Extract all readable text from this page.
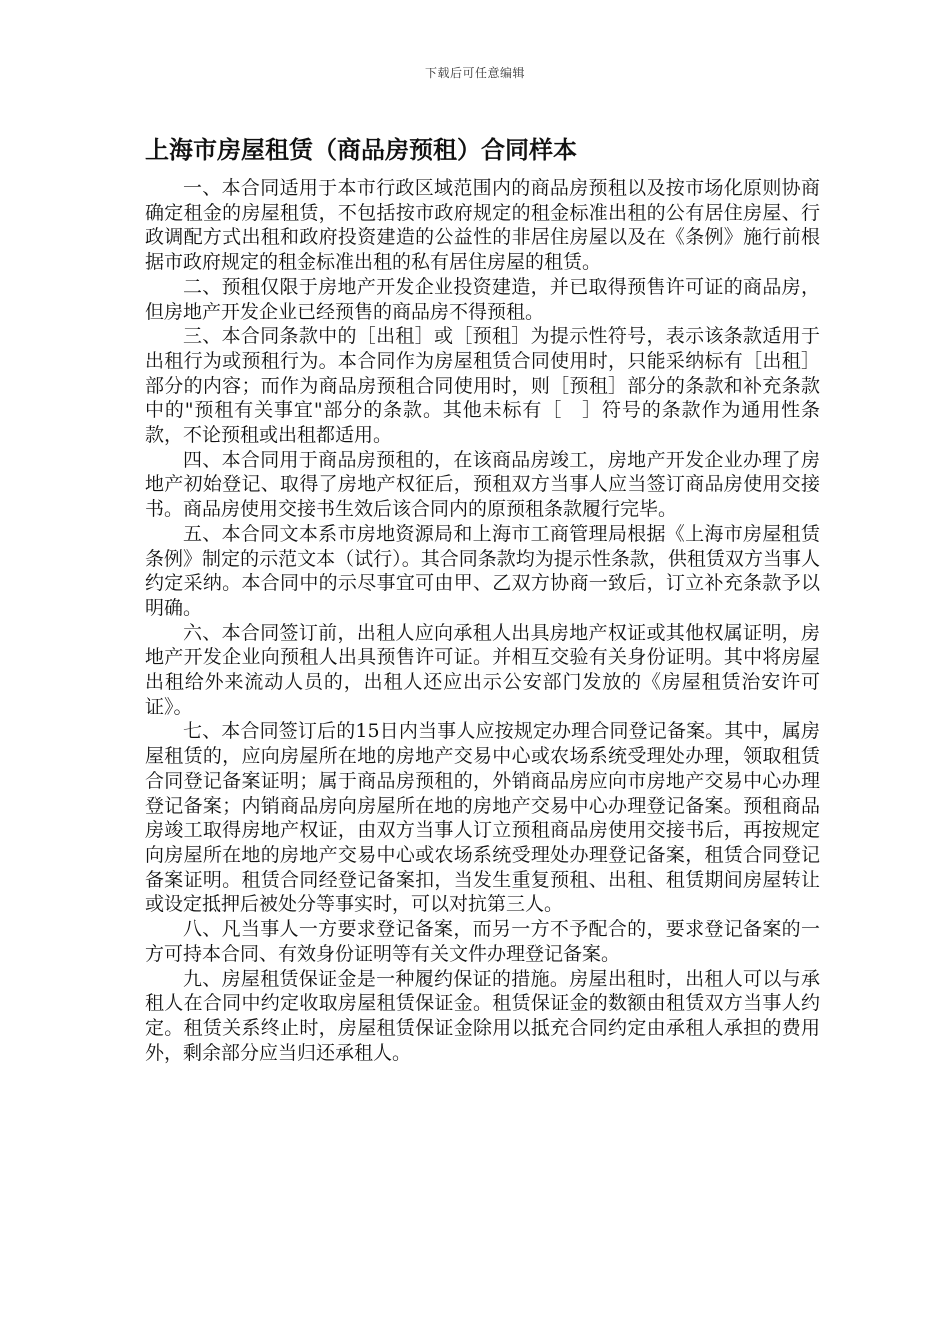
下载后可任意编辑
上海市房屋租赁（商品房预租）合同样本

一、本合同适用于本市行政区域范围内的商品房预租以及按市场化原则协商确定租金的房屋租赁，不包括按市政府规定的租金标准出租的公有居住房屋、行政调配方式出租和政府投资建造的公益性的非居住房屋以及在《条例》施行前根据市政府规定的租金标准出租的私有居住房屋的租赁。

二、预租仅限于房地产开发企业投资建造，并已取得预售许可证的商品房，但房地产开发企业已经预售的商品房不得预租。

三、本合同条款中的［出租］或［预租］为提示性符号，表示该条款适用于出租行为或预租行为。本合同作为房屋租赁合同使用时，只能采纳标有［出租］部分的内容；而作为商品房预租合同使用时，则［预租］部分的条款和补充条款中的"预租有关事宜"部分的条款。其他未标有［　］符号的条款作为通用性条款，不论预租或出租都适用。

四、本合同用于商品房预租的，在该商品房竣工，房地产开发企业办理了房地产初始登记、取得了房地产权征后，预租双方当事人应当签订商品房使用交接书。商品房使用交接书生效后该合同内的原预租条款履行完毕。

五、本合同文本系市房地资源局和上海市工商管理局根据《上海市房屋租赁条例》制定的示范文本（试行）。其合同条款均为提示性条款，供租赁双方当事人约定采纳。本合同中的示尽事宜可由甲、乙双方协商一致后，订立补充条款予以明确。

六、本合同签订前，出租人应向承租人出具房地产权证或其他权属证明，房地产开发企业向预租人出具预售许可证。并相互交验有关身份证明。其中将房屋出租给外来流动人员的，出租人还应出示公安部门发放的《房屋租赁治安许可证》。

七、本合同签订后的15日内当事人应按规定办理合同登记备案。其中，属房屋租赁的，应向房屋所在地的房地产交易中心或农场系统受理处办理，领取租赁合同登记备案证明；属于商品房预租的，外销商品房应向市房地产交易中心办理登记备案；内销商品房向房屋所在地的房地产交易中心办理登记备案。预租商品房竣工取得房地产权证，由双方当事人订立预租商品房使用交接书后，再按规定向房屋所在地的房地产交易中心或农场系统受理处办理登记备案，租赁合同登记备案证明。租赁合同经登记备案扣，当发生重复预租、出租、租赁期间房屋转让或设定抵押后被处分等事实时，可以对抗第三人。

八、凡当事人一方要求登记备案，而另一方不予配合的，要求登记备案的一方可持本合同、有效身份证明等有关文件办理登记备案。

九、房屋租赁保证金是一种履约保证的措施。房屋出租时，出租人可以与承租人在合同中约定收取房屋租赁保证金。租赁保证金的数额由租赁双方当事人约定。租赁关系终止时，房屋租赁保证金除用以抵充合同约定由承租人承担的费用外，剩余部分应当归还承租人。
